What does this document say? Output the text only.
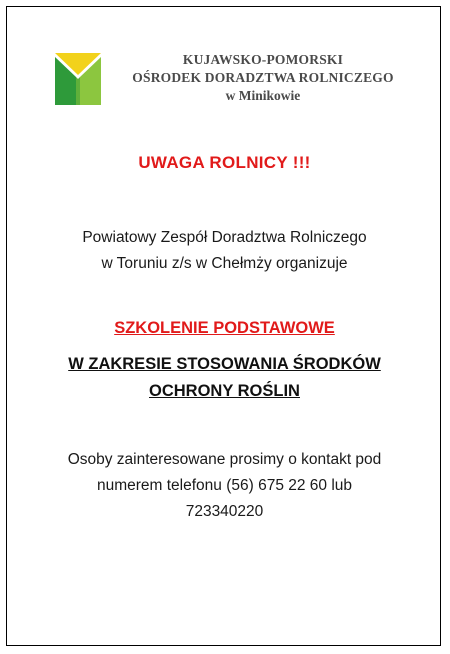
KUJAWSKO-POMORSKI
OŚRODEK DORADZTWA ROLNICZEGO
w Minikowie
UWAGA ROLNICY !!!
Powiatowy Zespół Doradztwa Rolniczego
w Toruniu z/s w Chełmży organizuje
SZKOLENIE PODSTAWOWE
W ZAKRESIE STOSOWANIA ŚRODKÓW
OCHRONY ROŚLIN
Osoby zainteresowane prosimy o kontakt pod
numerem telefonu (56) 675 22 60 lub
723340220
